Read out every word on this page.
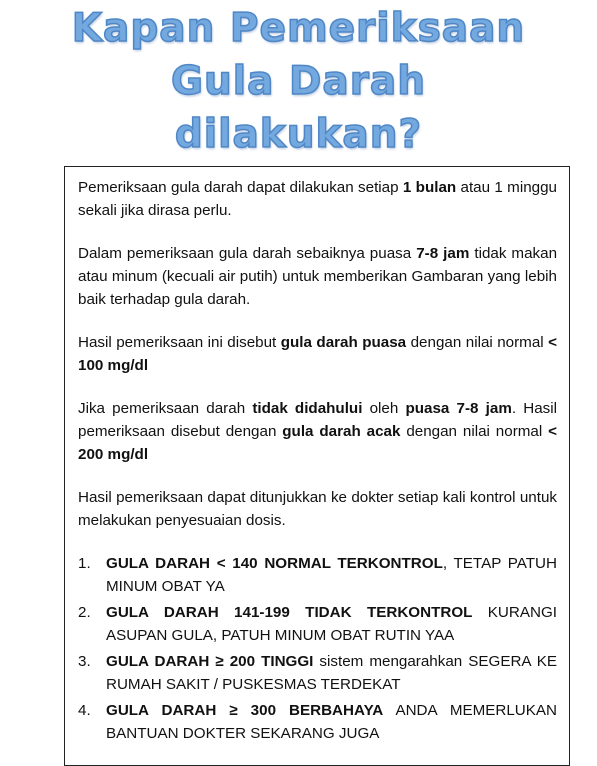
Kapan Pemeriksaan
Gula Darah
dilakukan?

Pemeriksaan gula darah dapat dilakukan setiap 1 bulan atau 1 minggu sekali jika dirasa perlu.

Dalam pemeriksaan gula darah sebaiknya puasa 7-8 jam tidak makan atau minum (kecuali air putih) untuk memberikan Gambaran yang lebih baik terhadap gula darah.

Hasil pemeriksaan ini disebut gula darah puasa dengan nilai normal < 100 mg/dl

Jika pemeriksaan darah tidak didahului oleh puasa 7-8 jam. Hasil pemeriksaan disebut dengan gula darah acak dengan nilai normal < 200 mg/dl

Hasil pemeriksaan dapat ditunjukkan ke dokter setiap kali kontrol untuk melakukan penyesuaian dosis.

1. GULA DARAH < 140 NORMAL TERKONTROL, TETAP PATUH MINUM OBAT YA
2. GULA DARAH 141-199 TIDAK TERKONTROL KURANGI ASUPAN GULA, PATUH MINUM OBAT RUTIN YAA
3. GULA DARAH ≥ 200 TINGGI sistem mengarahkan SEGERA KE RUMAH SAKIT / PUSKESMAS TERDEKAT
4. GULA DARAH ≥ 300 BERBAHAYA ANDA MEMERLUKAN BANTUAN DOKTER SEKARANG JUGA
